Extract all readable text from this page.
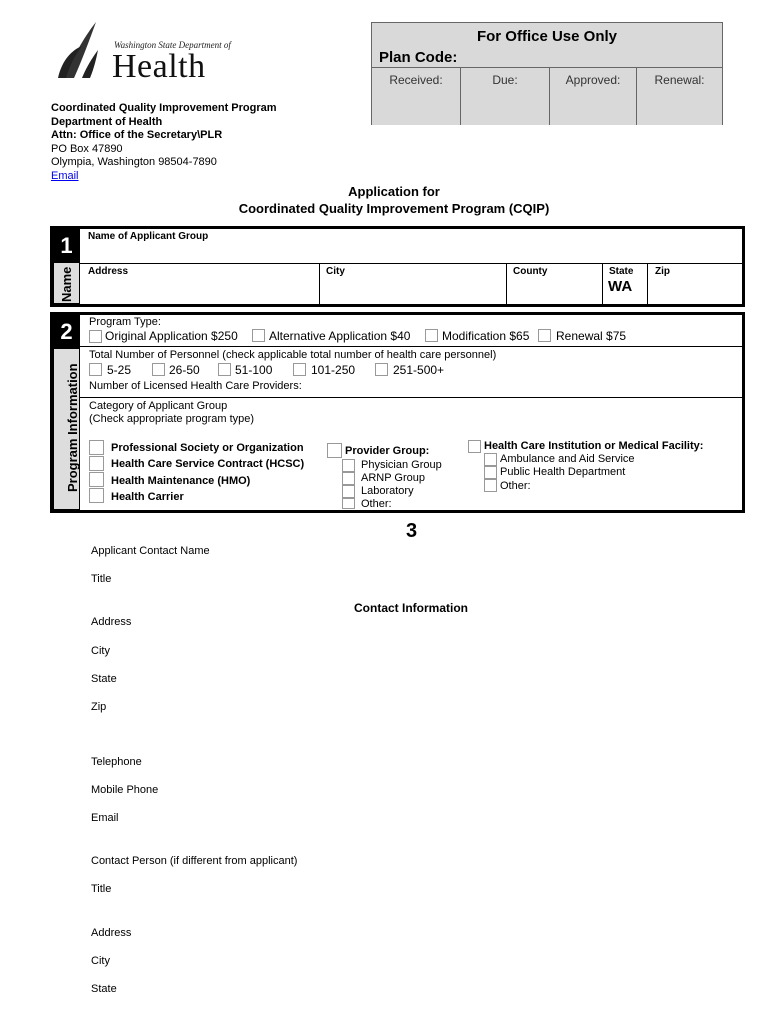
Washington State Department of
Health
Coordinated Quality Improvement Program
Department of Health
Attn: Office of the Secretary\PLR
PO Box 47890
Olympia, Washington 98504-7890
Email
For Office Use Only
Plan Code:
Received:	Due:	Approved:	Renewal:
Application for
Coordinated Quality Improvement Program (CQIP)
1
Name
Name of Applicant Group
Address	City	County	State
WA
Zip
2
Program Information
Program Type:
Original Application $250	Alternative Application $40	Modification $65 Renewal $75
Total Number of Personnel (check applicable total number of health care personnel)
5-25	26-50	51-100	101-250	251-500+
Number of Licensed Health Care Providers:
Category of Applicant Group
(Check appropriate program type)
Professional Society or Organization
Health Care Service Contract (HCSC)
Health Maintenance (HMO)
Health Carrier
Provider Group:
Physician Group
ARNP Group
Laboratory
Other:
Health Care Institution or Medical Facility:
Ambulance and Aid Service
Public Health Department
Other:
3
Contact Information
Applicant Contact Name
Title
Address
City
State
Zip
Telephone
Mobile Phone
Email
Contact Person (if different from applicant)
Title
Address
City
State
